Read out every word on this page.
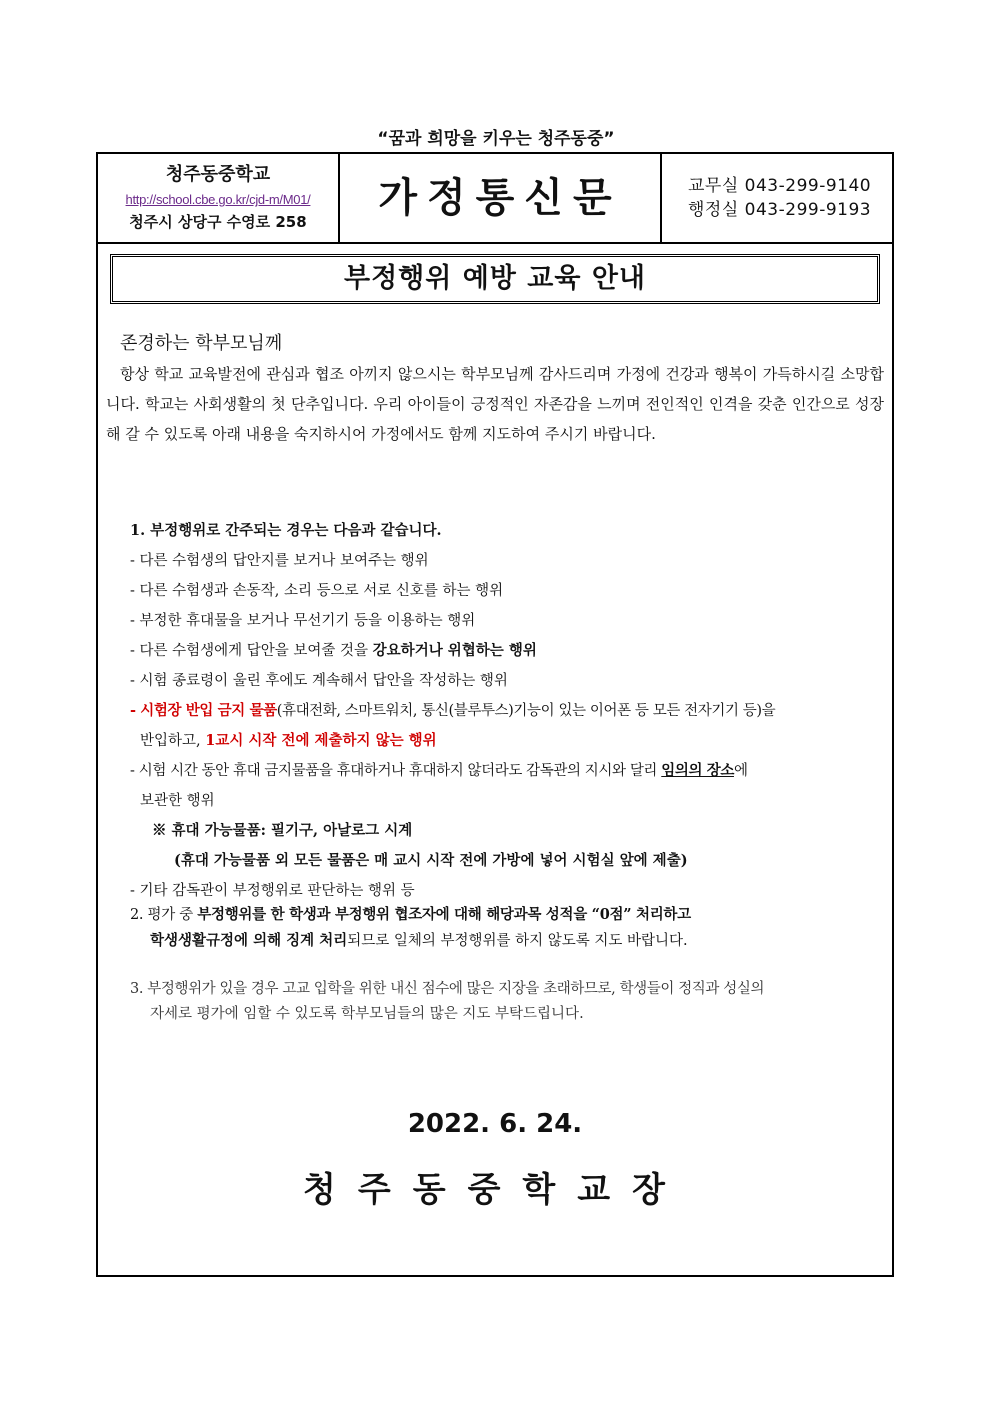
“꿈과 희망을 키우는 청주동중”
청주동중학교
http://school.cbe.go.kr/cjd-m/M01/
청주시 상당구 수영로 258
가정통신문	교무실 043-299-9140
행정실 043-299-9193
부정행위 예방 교육 안내
존경하는 학부모님께
항상 학교 교육발전에 관심과 협조 아끼지 않으시는 학부모님께 감사드리며 가정에 건강과 행복이 가득하시길 소망합니다. 학교는 사회생활의 첫 단추입니다. 우리 아이들이 긍정적인 자존감을 느끼며 전인적인 인격을 갖춘 인간으로 성장해 갈 수 있도록 아래 내용을 숙지하시어 가정에서도 함께 지도하여 주시기 바랍니다.
1. 부정행위로 간주되는 경우는 다음과 같습니다.
- 다른 수험생의 답안지를 보거나 보여주는 행위
- 다른 수험생과 손동작, 소리 등으로 서로 신호를 하는 행위
- 부정한 휴대물을 보거나 무선기기 등을 이용하는 행위
- 다른 수험생에게 답안을 보여줄 것을 강요하거나 위협하는 행위
- 시험 종료령이 울린 후에도 계속해서 답안을 작성하는 행위
- 시험장 반입 금지 물품(휴대전화, 스마트워치, 통신(블루투스)기능이 있는 이어폰 등 모든 전자기기 등)을
반입하고, 1교시 시작 전에 제출하지 않는 행위
- 시험 시간 동안 휴대 금지물품을 휴대하거나 휴대하지 않더라도 감독관의 지시와 달리 임의의 장소에
보관한 행위
※ 휴대 가능물품: 필기구, 아날로그 시계
(휴대 가능물품 외 모든 물품은 매 교시 시작 전에 가방에 넣어 시험실 앞에 제출)
- 기타 감독관이 부정행위로 판단하는 행위 등
2. 평가 중 부정행위를 한 학생과 부정행위 협조자에 대해 해당과목 성적을 “0점” 처리하고
학생생활규정에 의해 징계 처리되므로 일체의 부정행위를 하지 않도록 지도 바랍니다.
3. 부정행위가 있을 경우 고교 입학을 위한 내신 점수에 많은 지장을 초래하므로, 학생들이 정직과 성실의
자세로 평가에 임할 수 있도록 학부모님들의 많은 지도 부탁드립니다.
2022. 6. 24.
청주동중학교장
